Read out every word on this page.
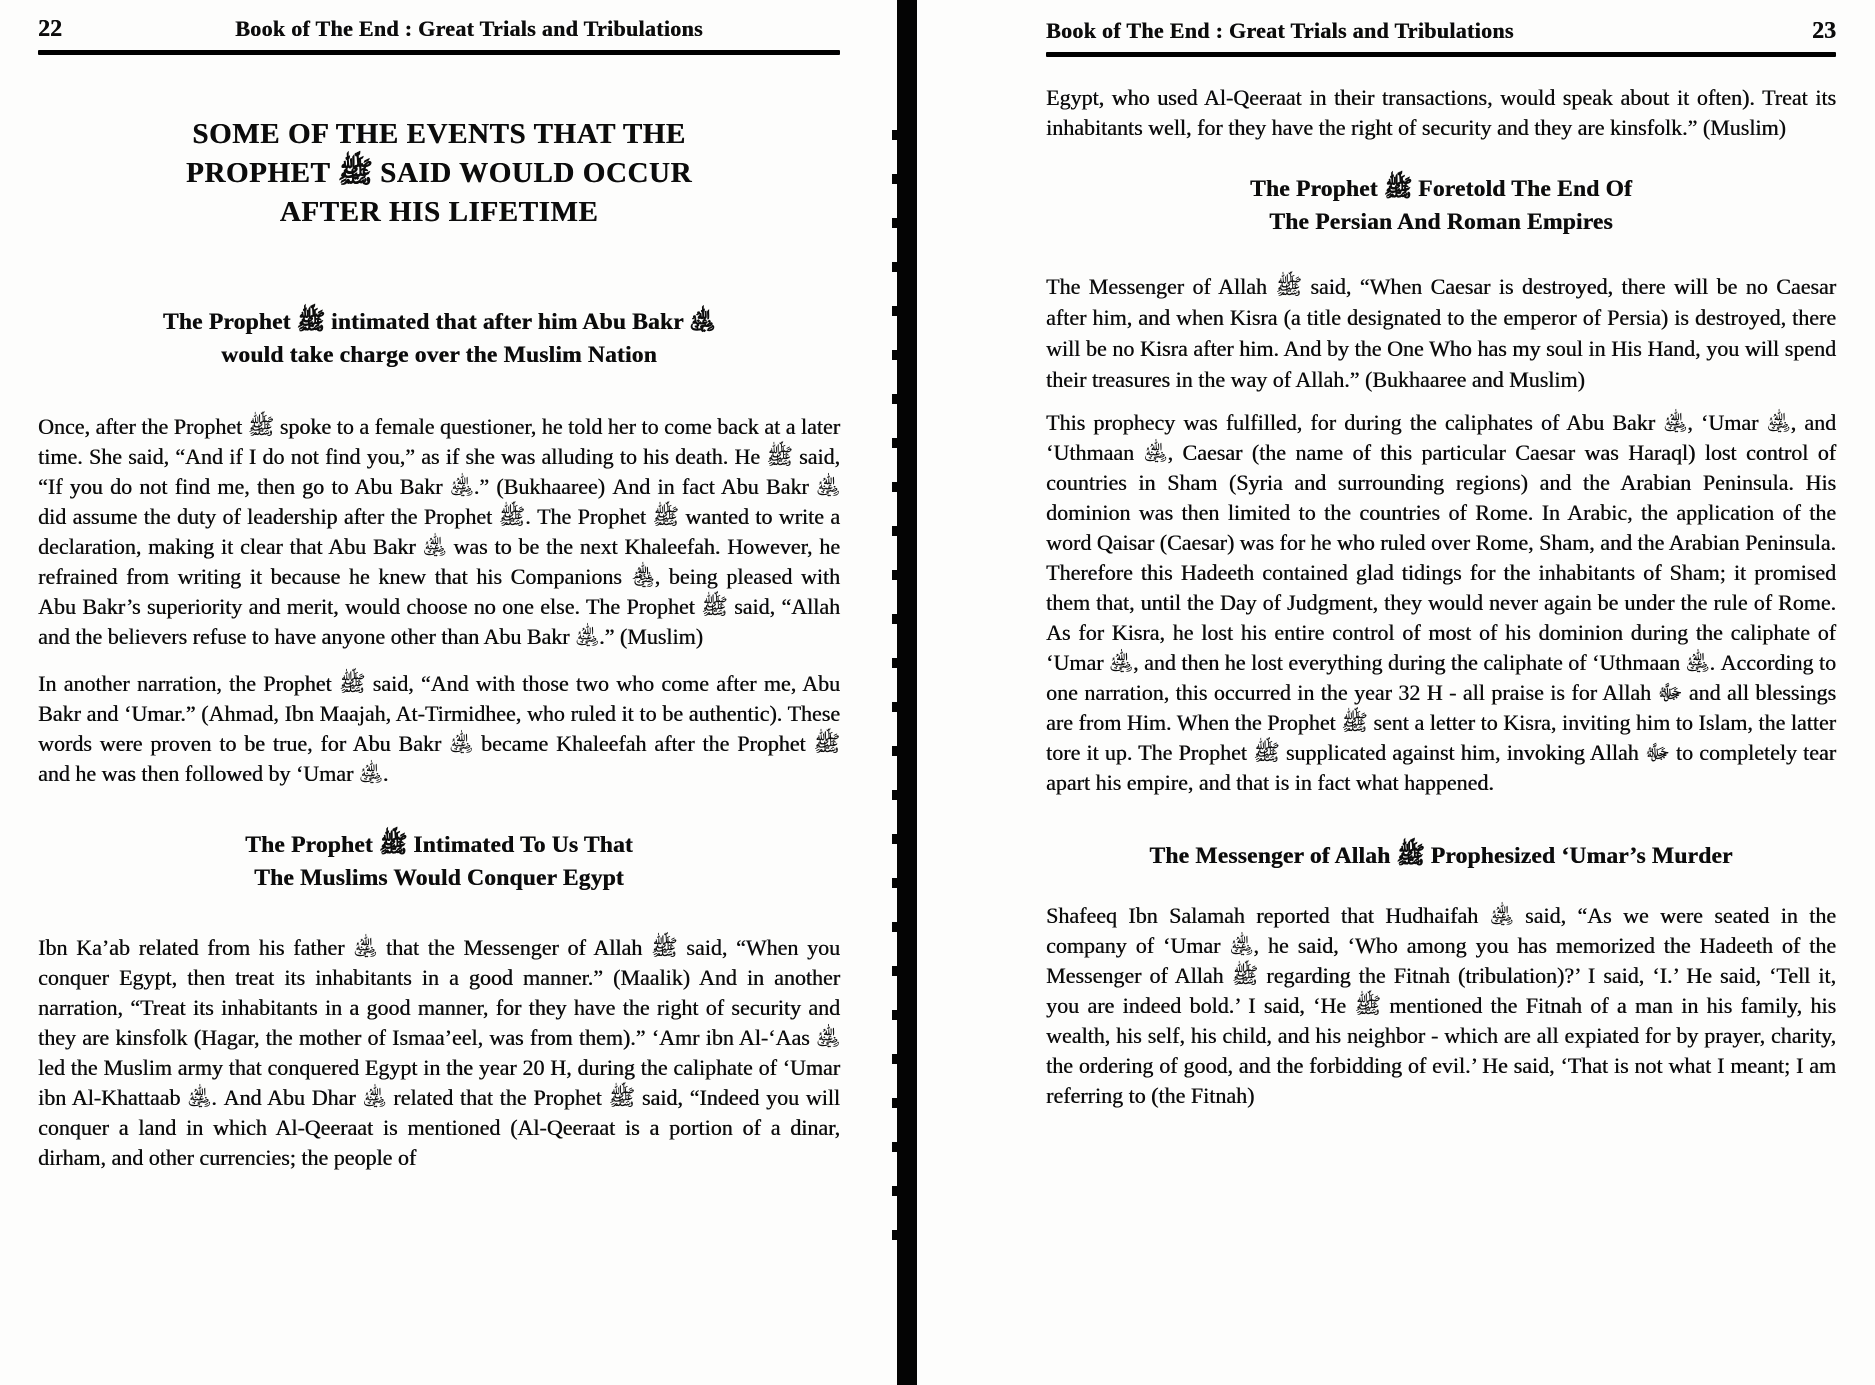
22	Book of The End : Great Trials and Tribulations
SOME OF THE EVENTS THAT THE
PROPHET ﷺ SAID WOULD OCCUR
AFTER HIS LIFETIME
The Prophet ﷺ intimated that after him Abu Bakr ﵁
would take charge over the Muslim Nation

Once, after the Prophet ﷺ spoke to a female questioner, he told her to come back at a later time. She said, “And if I do not find you,” as if she was alluding to his death. He ﷺ said, “If you do not find me, then go to Abu Bakr ﵁.” (Bukhaaree) And in fact Abu Bakr ﵁ did assume the duty of leadership after the Prophet ﷺ. The Prophet ﷺ wanted to write a declaration, making it clear that Abu Bakr ﵁ was to be the next Khaleefah. However, he refrained from writing it because he knew that his Companions ﵃, being pleased with Abu Bakr’s superiority and merit, would choose no one else. The Prophet ﷺ said, “Allah and the believers refuse to have anyone other than Abu Bakr ﵁.” (Muslim)

In another narration, the Prophet ﷺ said, “And with those two who come after me, Abu Bakr and ‘Umar.” (Ahmad, Ibn Maajah, At-Tirmidhee, who ruled it to be authentic). These words were proven to be true, for Abu Bakr ﵁ became Khaleefah after the Prophet ﷺ and he was then followed by ‘Umar ﵁.

The Prophet ﷺ Intimated To Us That
The Muslims Would Conquer Egypt

Ibn Ka’ab related from his father ﵁ that the Messenger of Allah ﷺ said, “When you conquer Egypt, then treat its inhabitants in a good manner.” (Maalik) And in another narration, “Treat its inhabitants in a good manner, for they have the right of security and they are kinsfolk (Hagar, the mother of Ismaa’eel, was from them).” ‘Amr ibn Al-‘Aas ﵁ led the Muslim army that conquered Egypt in the year 20 H, during the caliphate of ‘Umar ibn Al-Khattaab ﵁. And Abu Dhar ﵁ related that the Prophet ﷺ said, “Indeed you will conquer a land in which Al-Qeeraat is mentioned (Al-Qeeraat is a portion of a dinar, dirham, and other currencies; the people of

Book of The End : Great Trials and Tribulations	23

Egypt, who used Al-Qeeraat in their transactions, would speak about it often). Treat its inhabitants well, for they have the right of security and they are kinsfolk.” (Muslim)

The Prophet ﷺ Foretold The End Of
The Persian And Roman Empires

The Messenger of Allah ﷺ said, “When Caesar is destroyed, there will be no Caesar after him, and when Kisra (a title designated to the emperor of Persia) is destroyed, there will be no Kisra after him. And by the One Who has my soul in His Hand, you will spend their treasures in the way of Allah.” (Bukhaaree and Muslim)

This prophecy was fulfilled, for during the caliphates of Abu Bakr ﵁, ‘Umar ﵁, and ‘Uthmaan ﵁, Caesar (the name of this particular Caesar was Haraql) lost control of countries in Sham (Syria and surrounding regions) and the Arabian Peninsula. His dominion was then limited to the countries of Rome. In Arabic, the application of the word Qaisar (Caesar) was for he who ruled over Rome, Sham, and the Arabian Peninsula. Therefore this Hadeeth contained glad tidings for the inhabitants of Sham; it promised them that, until the Day of Judgment, they would never again be under the rule of Rome. As for Kisra, he lost his entire control of most of his dominion during the caliphate of ‘Umar ﵁, and then he lost everything during the caliphate of ‘Uthmaan ﵁. According to one narration, this occurred in the year 32 H - all praise is for Allah ﷻ and all blessings are from Him. When the Prophet ﷺ sent a letter to Kisra, inviting him to Islam, the latter tore it up. The Prophet ﷺ supplicated against him, invoking Allah ﷻ to completely tear apart his empire, and that is in fact what happened.

The Messenger of Allah ﷺ Prophesized ‘Umar’s Murder

Shafeeq Ibn Salamah reported that Hudhaifah ﵁ said, “As we were seated in the company of ‘Umar ﵁, he said, ‘Who among you has memorized the Hadeeth of the Messenger of Allah ﷺ regarding the Fitnah (tribulation)?’ I said, ‘I.’ He said, ‘Tell it, you are indeed bold.’ I said, ‘He ﷺ mentioned the Fitnah of a man in his family, his wealth, his self, his child, and his neighbor - which are all expiated for by prayer, charity, the ordering of good, and the forbidding of evil.’ He said, ‘That is not what I meant; I am referring to (the Fitnah)
